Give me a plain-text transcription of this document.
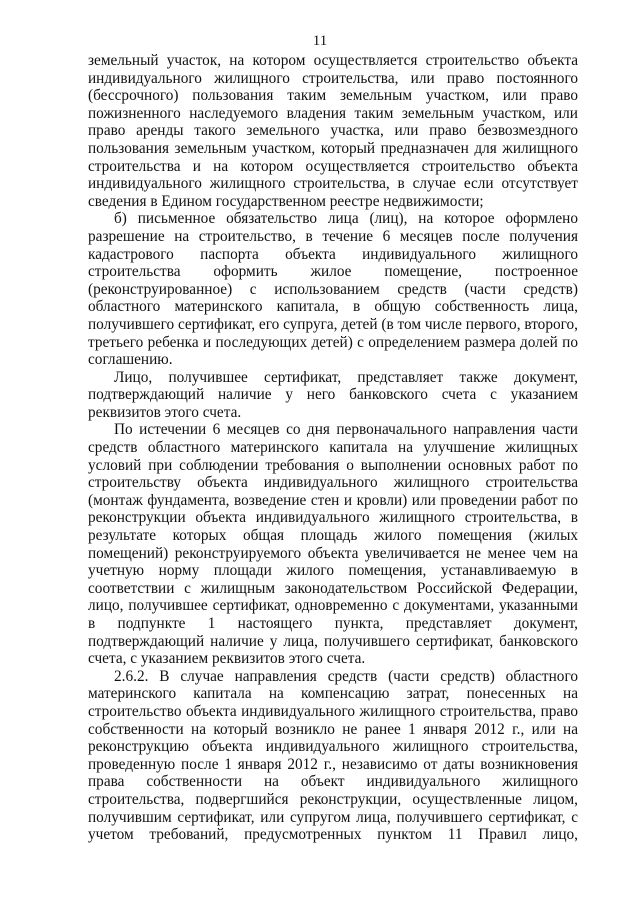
11
земельный участок, на котором осуществляется строительство объекта
индивидуального жилищного строительства, или право постоянного
(бессрочного) пользования таким земельным участком, или право
пожизненного наследуемого владения таким земельным участком, или
право аренды такого земельного участка, или право безвозмездного
пользования земельным участком, который предназначен для жилищного
строительства и на котором осуществляется строительство объекта
индивидуального жилищного строительства, в случае если отсутствует
сведения в Едином государственном реестре недвижимости;
б) письменное обязательство лица (лиц), на которое оформлено
разрешение на строительство, в течение 6 месяцев после получения
кадастрового паспорта объекта индивидуального жилищного
строительства оформить жилое помещение, построенное
(реконструированное) с использованием средств (части средств)
областного материнского капитала, в общую собственность лица,
получившего сертификат, его супруга, детей (в том числе первого, второго,
третьего ребенка и последующих детей) с определением размера долей по
соглашению.
Лицо, получившее сертификат, представляет также документ,
подтверждающий наличие у него банковского счета с указанием
реквизитов этого счета.
По истечении 6 месяцев со дня первоначального направления части
средств областного материнского капитала на улучшение жилищных
условий при соблюдении требования о выполнении основных работ по
строительству объекта индивидуального жилищного строительства
(монтаж фундамента, возведение стен и кровли) или проведении работ по
реконструкции объекта индивидуального жилищного строительства, в
результате которых общая площадь жилого помещения (жилых
помещений) реконструируемого объекта увеличивается не менее чем на
учетную норму площади жилого помещения, устанавливаемую в
соответствии с жилищным законодательством Российской Федерации,
лицо, получившее сертификат, одновременно с документами, указанными
в подпункте 1 настоящего пункта, представляет документ,
подтверждающий наличие у лица, получившего сертификат, банковского
счета, с указанием реквизитов этого счета.
2.6.2. В случае направления средств (части средств) областного
материнского капитала на компенсацию затрат, понесенных на
строительство объекта индивидуального жилищного строительства, право
собственности на который возникло не ранее 1 января 2012 г., или на
реконструкцию объекта индивидуального жилищного строительства,
проведенную после 1 января 2012 г., независимо от даты возникновения
права собственности на объект индивидуального жилищного
строительства, подвергшийся реконструкции, осуществленные лицом,
получившим сертификат, или супругом лица, получившего сертификат, с
учетом требований, предусмотренных пунктом 11 Правил лицо,
